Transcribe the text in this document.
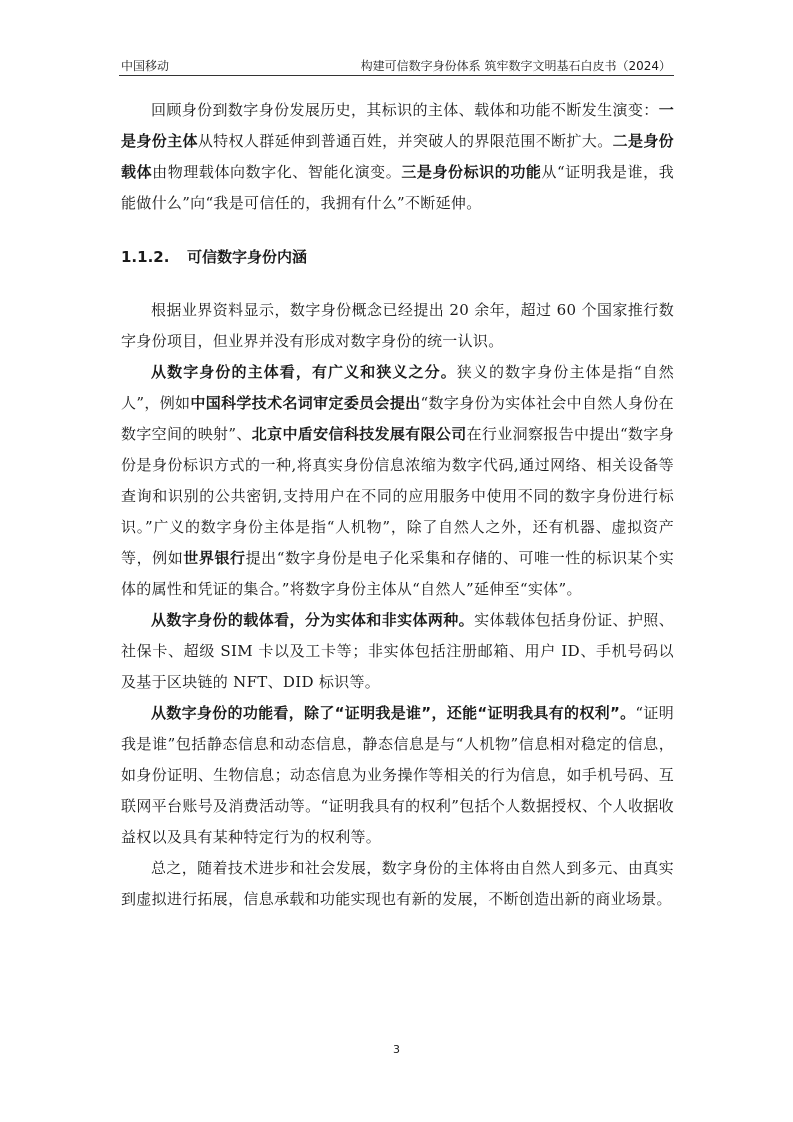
中国移动	构建可信数字身份体系 筑牢数字文明基石白皮书（2024）

回顾身份到数字身份发展历史，其标识的主体、载体和功能不断发生演变：一是身份主体从特权人群延伸到普通百姓，并突破人的界限范围不断扩大。二是身份载体由物理载体向数字化、智能化演变。三是身份标识的功能从“证明我是谁，我能做什么”向“我是可信任的，我拥有什么”不断延伸。

1.1.2. 可信数字身份内涵

根据业界资料显示，数字身份概念已经提出 20 余年，超过 60 个国家推行数字身份项目，但业界并没有形成对数字身份的统一认识。

从数字身份的主体看，有广义和狭义之分。狭义的数字身份主体是指“自然人”，例如中国科学技术名词审定委员会提出“数字身份为实体社会中自然人身份在数字空间的映射”、北京中盾安信科技发展有限公司在行业洞察报告中提出“数字身份是身份标识方式的一种,将真实身份信息浓缩为数字代码,通过网络、相关设备等查询和识别的公共密钥,支持用户在不同的应用服务中使用不同的数字身份进行标识。”广义的数字身份主体是指“人机物”，除了自然人之外，还有机器、虚拟资产等，例如世界银行提出“数字身份是电子化采集和存储的、可唯一性的标识某个实体的属性和凭证的集合。”将数字身份主体从“自然人”延伸至“实体”。

从数字身份的载体看，分为实体和非实体两种。实体载体包括身份证、护照、社保卡、超级 SIM 卡以及工卡等；非实体包括注册邮箱、用户 ID、手机号码以及基于区块链的 NFT、DID 标识等。

从数字身份的功能看，除了“证明我是谁”，还能“证明我具有的权利”。“证明我是谁”包括静态信息和动态信息，静态信息是与“人机物”信息相对稳定的信息，如身份证明、生物信息；动态信息为业务操作等相关的行为信息，如手机号码、互联网平台账号及消费活动等。“证明我具有的权利”包括个人数据授权、个人收据收益权以及具有某种特定行为的权利等。

总之，随着技术进步和社会发展，数字身份的主体将由自然人到多元、由真实到虚拟进行拓展，信息承载和功能实现也有新的发展，不断创造出新的商业场景。

3
